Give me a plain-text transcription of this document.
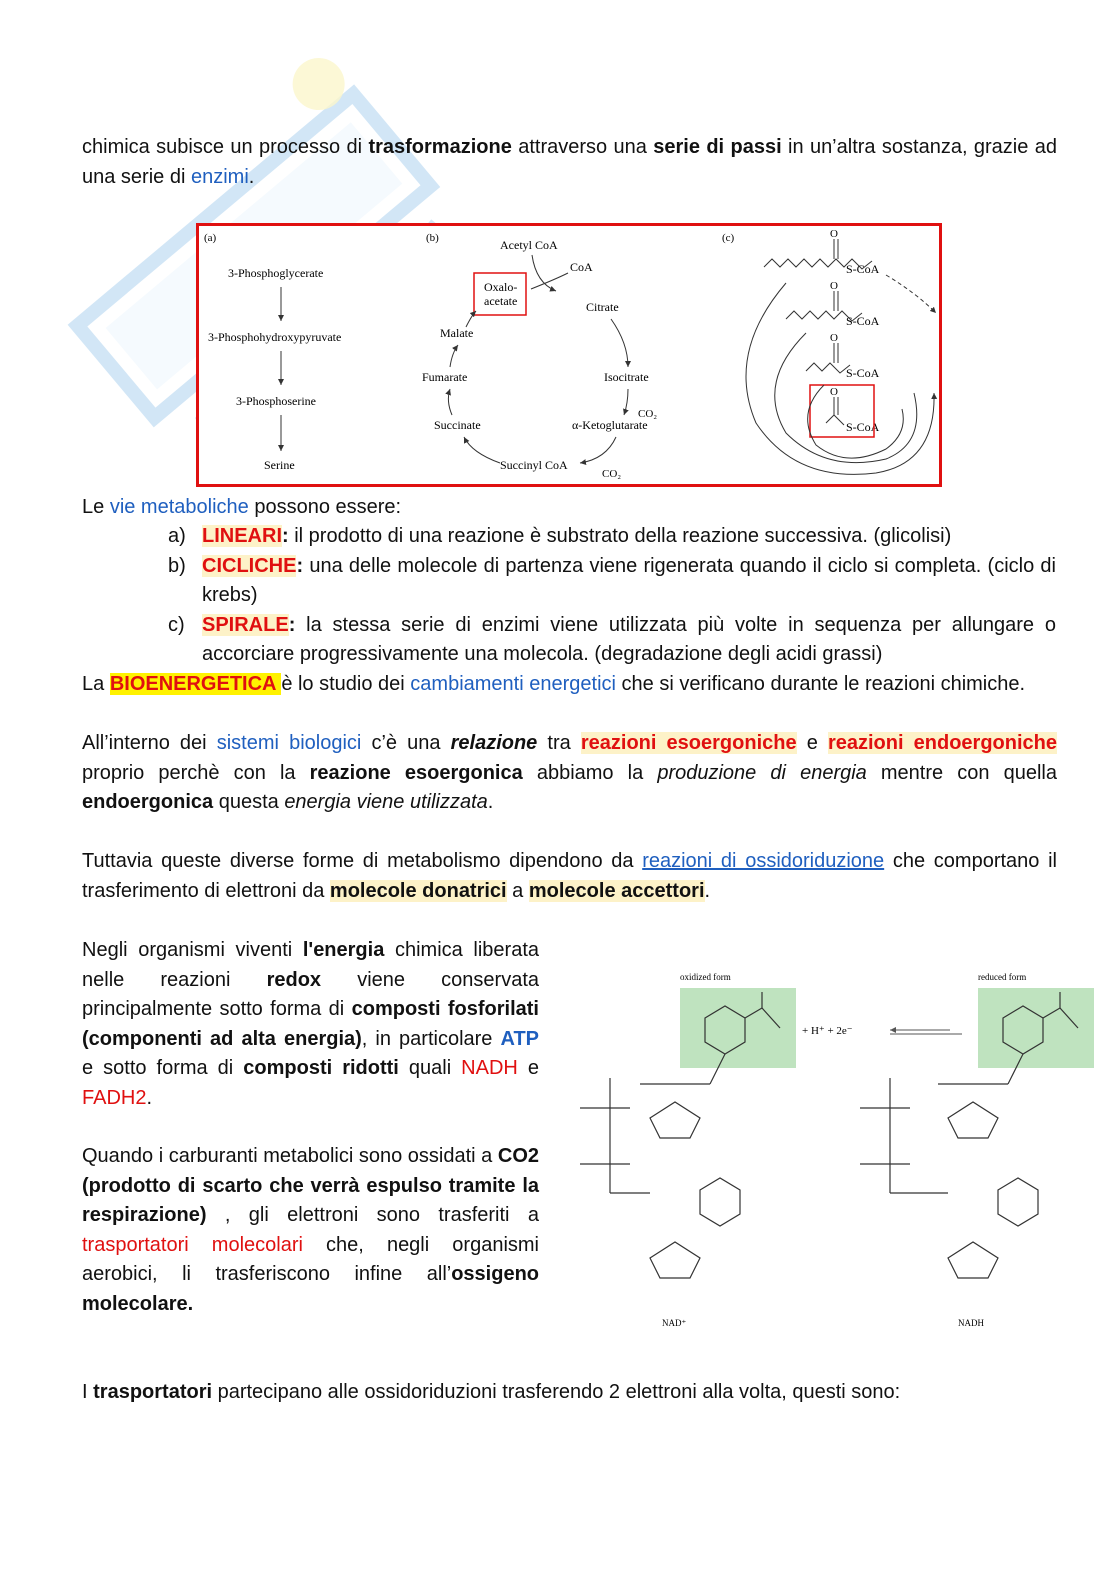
chimica subisce un processo di trasformazione attraverso una serie di passi in un’altra sostanza, grazie ad una serie di enzimi.
(a)
3-Phosphoglycerate
3-Phosphohydroxypyruvate
3-Phosphoserine
Serine
(b)	Acetyl CoA
CoA
Oxalo-
acetate	Citrate
Isocitrate
CO₂
α-Ketoglutarate
CO₂
Succinyl CoA
Succinate
Fumarate
Malate
(c)	O
S-CoA
O
S-CoA
O
S-CoA
O
S-CoA
Le vie metaboliche possono essere:
a) LINEARI: il prodotto di una reazione è substrato della reazione successiva. (glicolisi)
b) CICLICHE: una delle molecole di partenza viene rigenerata quando il ciclo si completa. (ciclo di krebs)
c) SPIRALE: la stessa serie di enzimi viene utilizzata più volte in sequenza per allungare o accorciare progressivamente una molecola. (degradazione degli acidi grassi)
La BIOENERGETICA è lo studio dei cambiamenti energetici che si verificano durante le reazioni chimiche.
All’interno dei sistemi biologici c’è una relazione tra reazioni esoergoniche e reazioni endoergoniche proprio perchè con la reazione esoergonica abbiamo la produzione di energia mentre con quella endoergonica questa energia viene utilizzata.
Tuttavia queste diverse forme di metabolismo dipendono da reazioni di ossidoriduzione che comportano il trasferimento di elettroni da molecole donatrici a molecole accettori.
Negli organismi viventi l'energia chimica liberata nelle reazioni redox viene conservata principalmente sotto forma di composti fosforilati (componenti ad alta energia), in particolare ATP e sotto forma di composti ridotti quali NADH e FADH2.
Quando i carburanti metabolici sono ossidati a CO2 (prodotto di scarto che verrà espulso tramite la respirazione) , gli elettroni sono trasferiti a trasportatori molecolari che, negli organismi aerobici, li trasferiscono infine all’ossigeno molecolare.
oxidized form	reduced form
+ H⁺ + 2e⁻
NAD⁺	NADH
I trasportatori partecipano alle ossidoriduzioni trasferendo 2 elettroni alla volta, questi sono:
